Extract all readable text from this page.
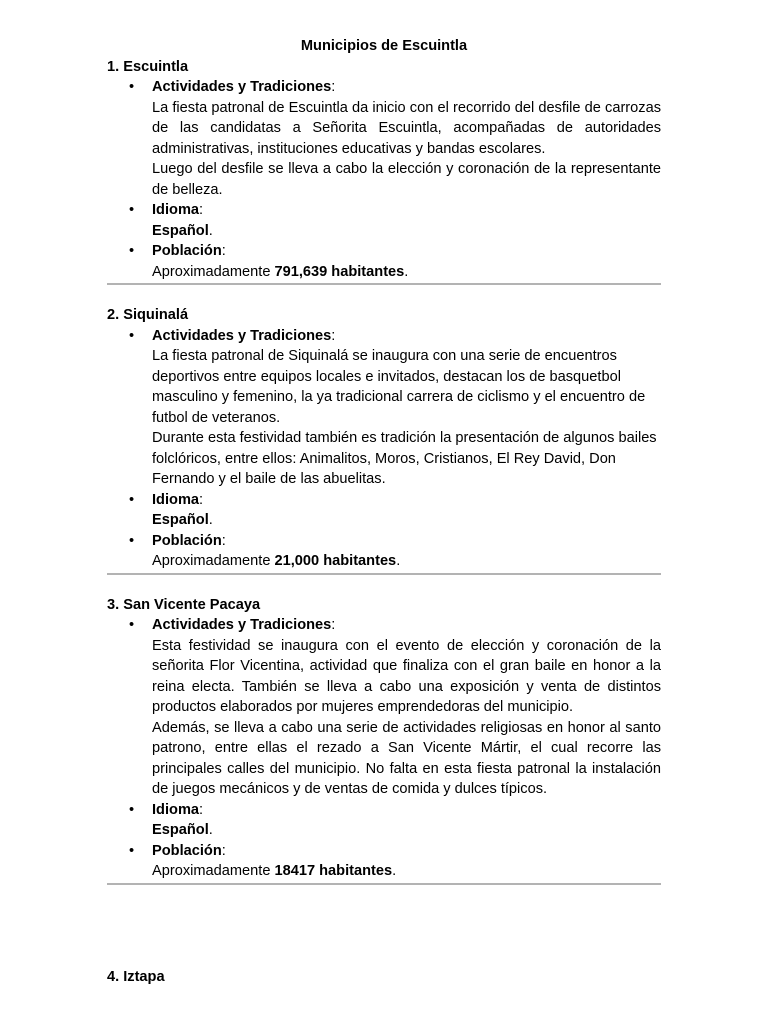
Municipios de Escuintla

1. Escuintla

• Actividades y Tradiciones:

La fiesta patronal de Escuintla da inicio con el recorrido del desfile de carrozas de las candidatas a Señorita Escuintla, acompañadas de autoridades administrativas, instituciones educativas y bandas escolares.

Luego del desfile se lleva a cabo la elección y coronación de la representante de belleza.

• Idioma:

Español.

• Población:

Aproximadamente 791,639 habitantes.

2. Siquinalá

• Actividades y Tradiciones:

La fiesta patronal de Siquinalá se inaugura con una serie de encuentros deportivos entre equipos locales e invitados, destacan los de basquetbol masculino y femenino, la ya tradicional carrera de ciclismo y el encuentro de futbol de veteranos.

Durante esta festividad también es tradición la presentación de algunos bailes folclóricos, entre ellos: Animalitos, Moros, Cristianos, El Rey David, Don Fernando y el baile de las abuelitas.

• Idioma:

Español.

• Población:

Aproximadamente 21,000 habitantes.

3. San Vicente Pacaya

• Actividades y Tradiciones:

Esta festividad se inaugura con el evento de elección y coronación de la señorita Flor Vicentina, actividad que finaliza con el gran baile en honor a la reina electa. También se lleva a cabo una exposición y venta de distintos productos elaborados por mujeres emprendedoras del municipio.

Además, se lleva a cabo una serie de actividades religiosas en honor al santo patrono, entre ellas el rezado a San Vicente Mártir, el cual recorre las principales calles del municipio. No falta en esta fiesta patronal la instalación de juegos mecánicos y de ventas de comida y dulces típicos.

• Idioma:

Español.

• Población:

Aproximadamente 18417 habitantes.

4. Iztapa
